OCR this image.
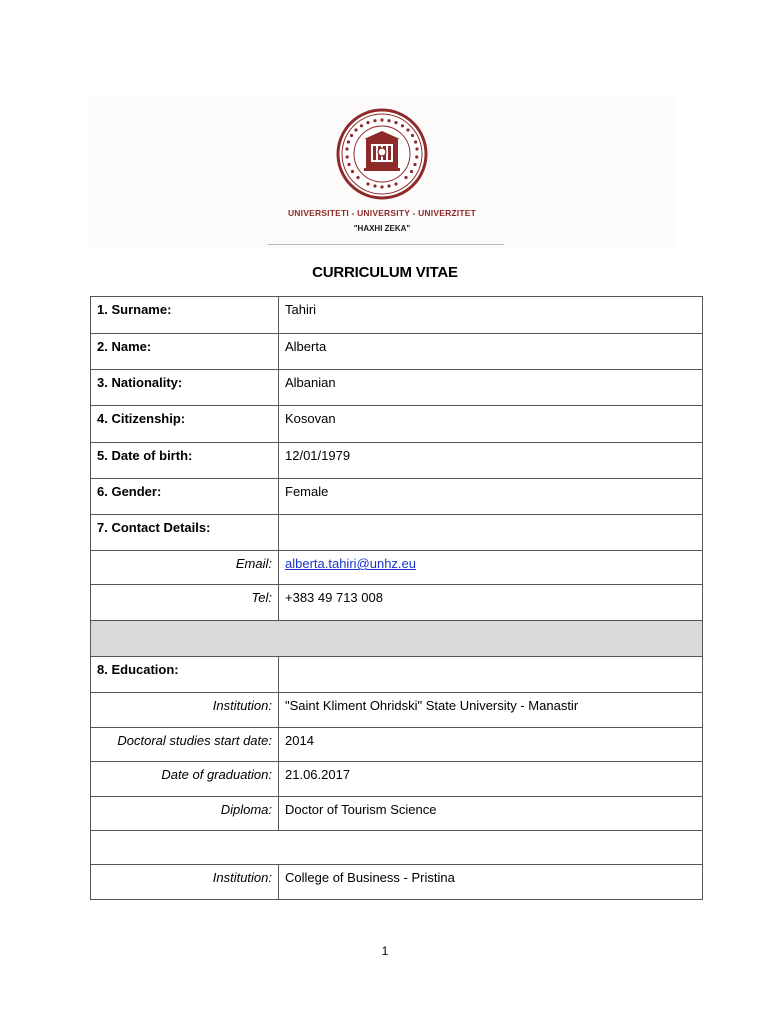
UNIVERSITETI - UNIVERSITY - UNIVERZITET
"HAXHI ZEKA"
CURRICULUM VITAE
1. Surname:	Tahiri
2. Name:	Alberta
3. Nationality:	Albanian
4. Citizenship:	Kosovan
5. Date of birth:	12/01/1979
6. Gender:	Female
7. Contact Details:	
Email:	alberta.tahiri@unhz.eu
Tel:	+383 49 713 008

8. Education:	
Institution:	"Saint Kliment Ohridski" State University - Manastir
Doctoral studies start date:	2014
Date of graduation:	21.06.2017
Diploma:	Doctor of Tourism Science

Institution:	College of Business - Pristina
1
